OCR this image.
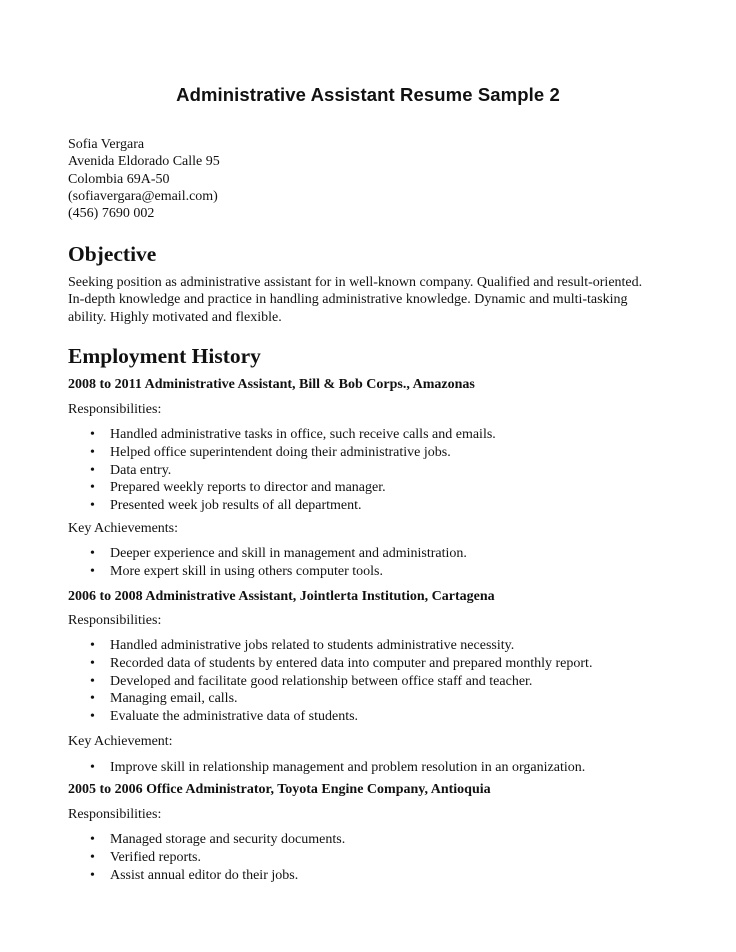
Administrative Assistant Resume Sample 2
Sofia Vergara
Avenida Eldorado Calle 95
Colombia 69A-50
(sofiavergara@email.com)
(456) 7690 002
Objective
Seeking position as administrative assistant for in well-known company. Qualified and result-oriented.
In-depth knowledge and practice in handling administrative knowledge. Dynamic and multi-tasking
ability. Highly motivated and flexible.
Employment History
2008 to 2011 Administrative Assistant, Bill & Bob Corps., Amazonas
Responsibilities:
• Handled administrative tasks in office, such receive calls and emails.
• Helped office superintendent doing their administrative jobs.
• Data entry.
• Prepared weekly reports to director and manager.
• Presented week job results of all department.
Key Achievements:
• Deeper experience and skill in management and administration.
• More expert skill in using others computer tools.
2006 to 2008 Administrative Assistant, Jointlerta Institution, Cartagena
Responsibilities:
• Handled administrative jobs related to students administrative necessity.
• Recorded data of students by entered data into computer and prepared monthly report.
• Developed and facilitate good relationship between office staff and teacher.
• Managing email, calls.
• Evaluate the administrative data of students.
Key Achievement:
• Improve skill in relationship management and problem resolution in an organization.
2005 to 2006 Office Administrator, Toyota Engine Company, Antioquia
Responsibilities:
• Managed storage and security documents.
• Verified reports.
• Assist annual editor do their jobs.
